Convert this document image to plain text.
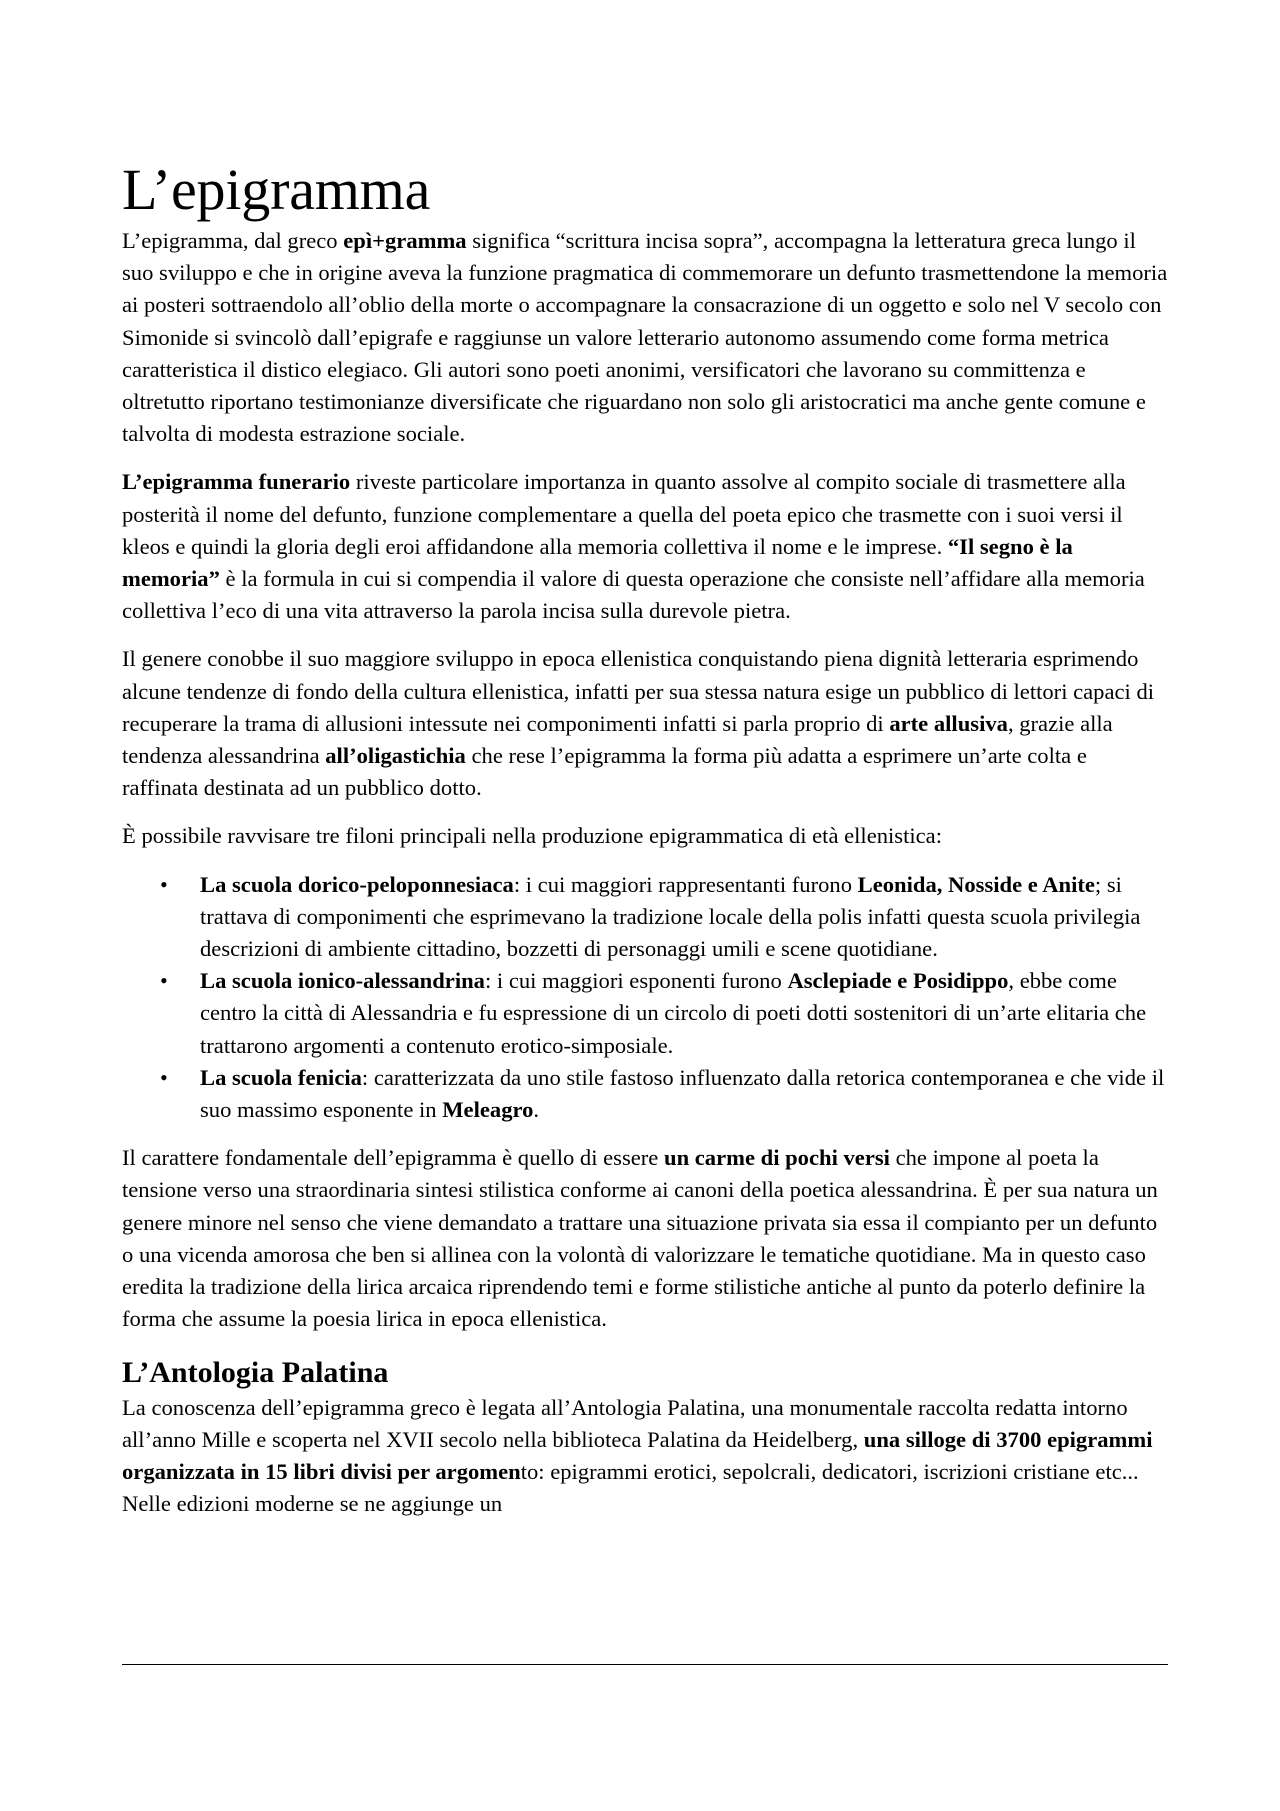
L’epigramma

L’epigramma, dal greco epì+gramma significa “scrittura incisa sopra”, accompagna la letteratura greca lungo il suo sviluppo e che in origine aveva la funzione pragmatica di commemorare un defunto trasmettendone la memoria ai posteri sottraendolo all’oblio della morte o accompagnare la consacrazione di un oggetto e solo nel V secolo con Simonide si svincolò dall’epigrafe e raggiunse un valore letterario autonomo assumendo come forma metrica caratteristica il distico elegiaco. Gli autori sono poeti anonimi, versificatori che lavorano su committenza e oltretutto riportano testimonianze diversificate che riguardano non solo gli aristocratici ma anche gente comune e talvolta di modesta estrazione sociale.

L’epigramma funerario riveste particolare importanza in quanto assolve al compito sociale di trasmettere alla posterità il nome del defunto, funzione complementare a quella del poeta epico che trasmette con i suoi versi il kleos e quindi la gloria degli eroi affidandone alla memoria collettiva il nome e le imprese. “Il segno è la memoria” è la formula in cui si compendia il valore di questa operazione che consiste nell’affidare alla memoria collettiva l’eco di una vita attraverso la parola incisa sulla durevole pietra.

Il genere conobbe il suo maggiore sviluppo in epoca ellenistica conquistando piena dignità letteraria esprimendo alcune tendenze di fondo della cultura ellenistica, infatti per sua stessa natura esige un pubblico di lettori capaci di recuperare la trama di allusioni intessute nei componimenti infatti si parla proprio di arte allusiva, grazie alla tendenza alessandrina all’oligastichia che rese l’epigramma la forma più adatta a esprimere un’arte colta e raffinata destinata ad un pubblico dotto.

È possibile ravvisare tre filoni principali nella produzione epigrammatica di età ellenistica:

• La scuola dorico-peloponnesiaca: i cui maggiori rappresentanti furono Leonida, Nosside e Anite; si trattava di componimenti che esprimevano la tradizione locale della polis infatti questa scuola privilegia descrizioni di ambiente cittadino, bozzetti di personaggi umili e scene quotidiane.
• La scuola ionico-alessandrina: i cui maggiori esponenti furono Asclepiade e Posidippo, ebbe come centro la città di Alessandria e fu espressione di un circolo di poeti dotti sostenitori di un’arte elitaria che trattarono argomenti a contenuto erotico-simposiale.
• La scuola fenicia: caratterizzata da uno stile fastoso influenzato dalla retorica contemporanea e che vide il suo massimo esponente in Meleagro.

Il carattere fondamentale dell’epigramma è quello di essere un carme di pochi versi che impone al poeta la tensione verso una straordinaria sintesi stilistica conforme ai canoni della poetica alessandrina. È per sua natura un genere minore nel senso che viene demandato a trattare una situazione privata sia essa il compianto per un defunto o una vicenda amorosa che ben si allinea con la volontà di valorizzare le tematiche quotidiane. Ma in questo caso eredita la tradizione della lirica arcaica riprendendo temi e forme stilistiche antiche al punto da poterlo definire la forma che assume la poesia lirica in epoca ellenistica.

L’Antologia Palatina

La conoscenza dell’epigramma greco è legata all’Antologia Palatina, una monumentale raccolta redatta intorno all’anno Mille e scoperta nel XVII secolo nella biblioteca Palatina da Heidelberg, una silloge di 3700 epigrammi organizzata in 15 libri divisi per argomento: epigrammi erotici, sepolcrali, dedicatori, iscrizioni cristiane etc... Nelle edizioni moderne se ne aggiunge un
